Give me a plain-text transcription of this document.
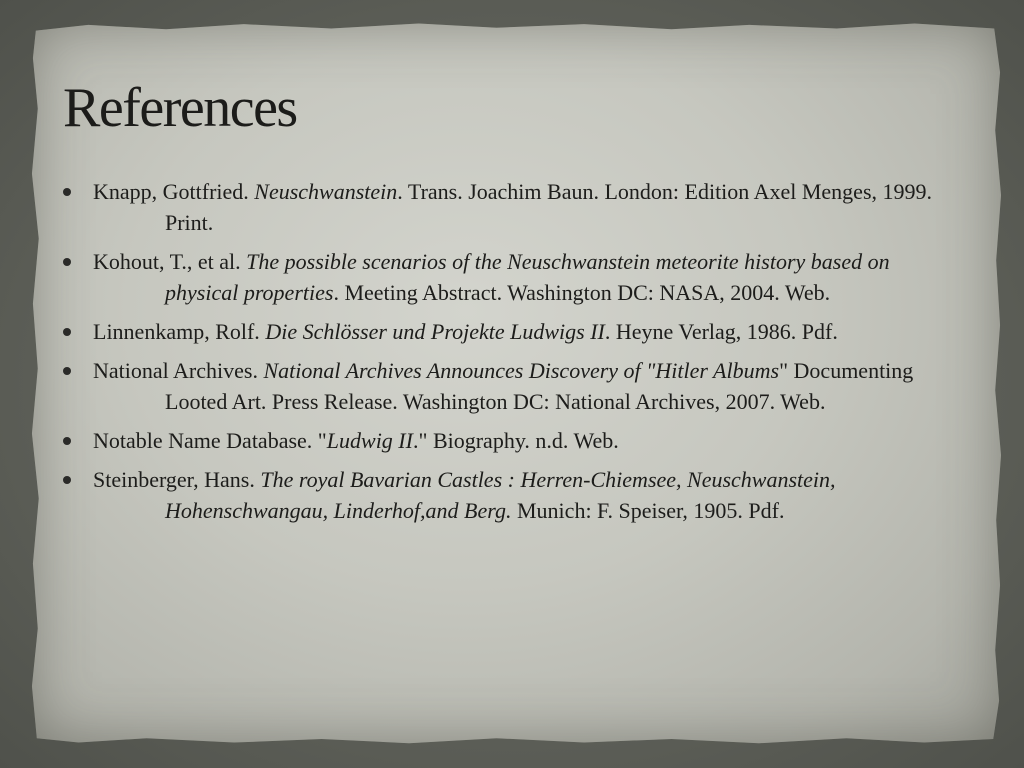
References
Knapp, Gottfried. Neuschwanstein. Trans. Joachim Baun. London: Edition Axel Menges, 1999. Print.
Kohout, T., et al. The possible scenarios of the Neuschwanstein meteorite history based on physical properties. Meeting Abstract. Washington DC: NASA, 2004. Web.
Linnenkamp, Rolf. Die Schlösser und Projekte Ludwigs II. Heyne Verlag, 1986. Pdf.
National Archives. National Archives Announces Discovery of "Hitler Albums" Documenting Looted Art. Press Release. Washington DC: National Archives, 2007. Web.
Notable Name Database. "Ludwig II." Biography. n.d. Web.
Steinberger, Hans. The royal Bavarian Castles : Herren-Chiemsee, Neuschwanstein, Hohenschwangau, Linderhof,and Berg. Munich: F. Speiser, 1905. Pdf.
